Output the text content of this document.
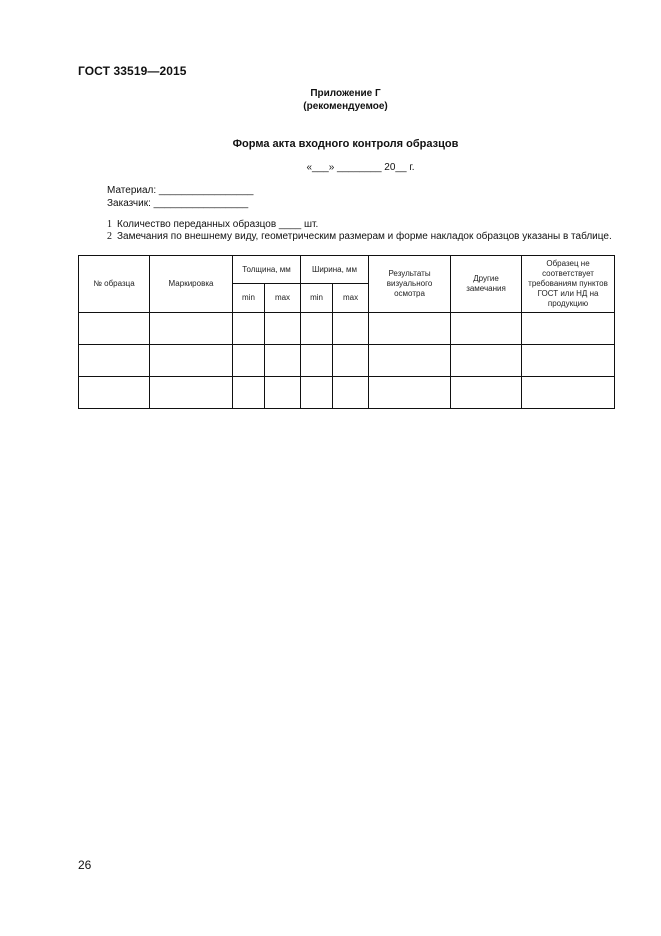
ГОСТ 33519—2015
Приложение Г
(рекомендуемое)
Форма акта входного контроля образцов
«___» ________ 20__ г.
Материал: _________________
Заказчик: _________________
1 Количество переданных образцов ____ шт.
2 Замечания по внешнему виду, геометрическим размерам и форме накладок образцов указаны в таблице.
№ образца	Маркировка	Толщина, мм		Ширина, мм		Результаты визуального осмотра	Другие замечания	Образец не соответствует требованиям пунктов ГОСТ или НД на продукцию
		min	max	min	max			

26
